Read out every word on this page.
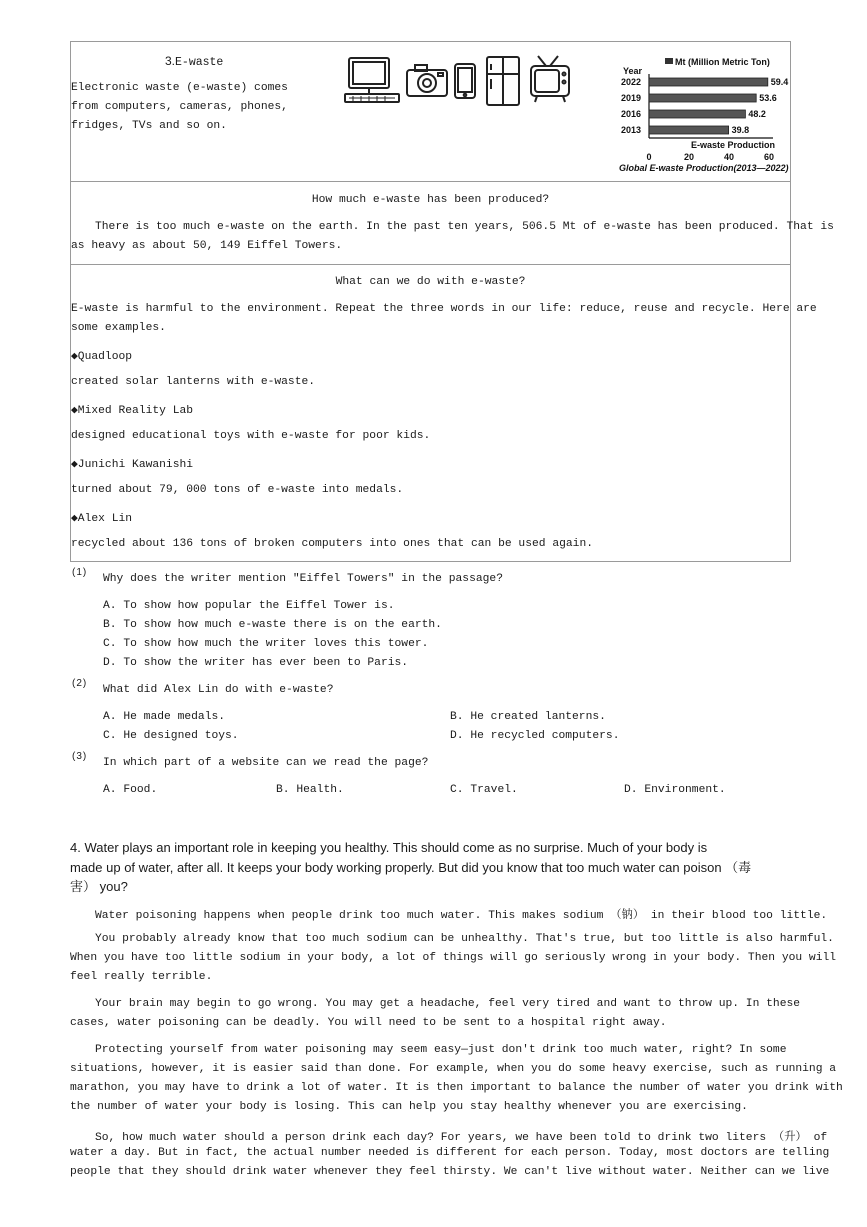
3.E-waste
Electronic waste (e-waste) comes
from computers, cameras, phones,
fridges, TVs and so on.
Mt (Million Metric Ton)
Year
2022	59.4
2019	53.6
2016	48.2
2013	39.8
E-waste Production
0	20	40	60
Global E-waste Production(2013—2022)
How much e-waste has been produced?
There is too much e-waste on the earth. In the past ten years, 506.5 Mt of e-waste has been produced. That is
as heavy as about 50, 149 Eiffel Towers.
What can we do with e-waste?
E-waste is harmful to the environment. Repeat the three words in our life: reduce, reuse and recycle. Here are
some examples.
◆Quadloop
created solar lanterns with e-waste.
◆Mixed Reality Lab
designed educational toys with e-waste for poor kids.
◆Junichi Kawanishi
turned about 79, 000 tons of e-waste into medals.
◆Alex Lin
recycled about 136 tons of broken computers into ones that can be used again.
(1)
Why does the writer mention "Eiffel Towers" in the passage?
A. To show how popular the Eiffel Tower is.
B. To show how much e-waste there is on the earth.
C. To show how much the writer loves this tower.
D. To show the writer has ever been to Paris.
(2)
What did Alex Lin do with e-waste?
A. He made medals.	B. He created lanterns.
C. He designed toys.	D. He recycled computers.
(3)
In which part of a website can we read the page?
A. Food.	B. Health.	C. Travel.	D. Environment.
4. Water plays an important role in keeping you healthy. This should come as no surprise. Much of your body is
made up of water, after all. It keeps your body working properly. But did you know that too much water can poison （毒
害） you?
Water poisoning happens when people drink too much water. This makes sodium （钠） in their blood too little.
You probably already know that too much sodium can be unhealthy. That's true, but too little is also harmful.
When you have too little sodium in your body, a lot of things will go seriously wrong in your body. Then you will
feel really terrible.
Your brain may begin to go wrong. You may get a headache, feel very tired and want to throw up. In these
cases, water poisoning can be deadly. You will need to be sent to a hospital right away.
Protecting yourself from water poisoning may seem easy—just don't drink too much water, right? In some
situations, however, it is easier said than done. For example, when you do some heavy exercise, such as running a
marathon, you may have to drink a lot of water. It is then important to balance the number of water you drink with
the number of water your body is losing. This can help you stay healthy whenever you are exercising.
So, how much water should a person drink each day? For years, we have been told to drink two liters （升） of
water a day. But in fact, the actual number needed is different for each person. Today, most doctors are telling
people that they should drink water whenever they feel thirsty. We can't live without water. Neither can we live
